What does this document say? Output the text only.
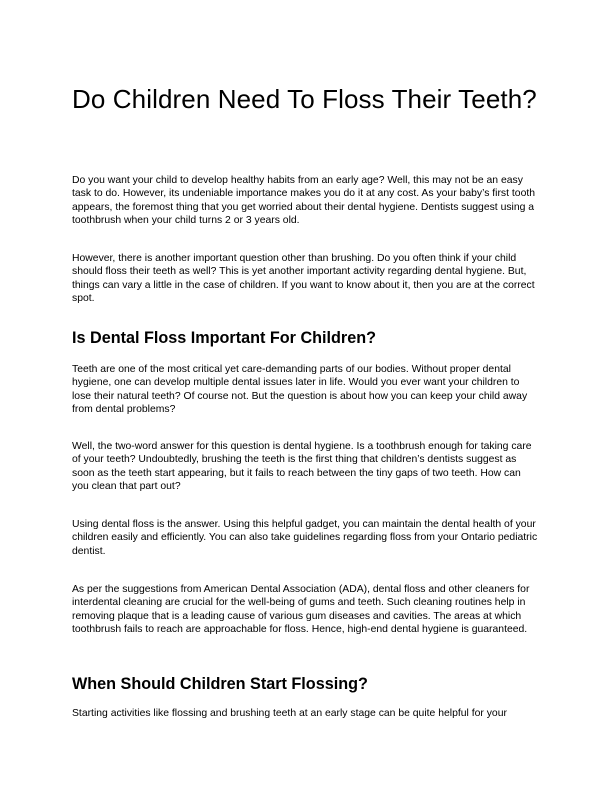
Do Children Need To Floss Their Teeth?

Do you want your child to develop healthy habits from an early age? Well, this may not be an easy task to do. However, its undeniable importance makes you do it at any cost. As your baby’s first tooth appears, the foremost thing that you get worried about their dental hygiene. Dentists suggest using a toothbrush when your child turns 2 or 3 years old.

However, there is another important question other than brushing. Do you often think if your child should floss their teeth as well? This is yet another important activity regarding dental hygiene. But, things can vary a little in the case of children. If you want to know about it, then you are at the correct spot.

Is Dental Floss Important For Children?

Teeth are one of the most critical yet care-demanding parts of our bodies. Without proper dental hygiene, one can develop multiple dental issues later in life. Would you ever want your children to lose their natural teeth? Of course not. But the question is about how you can keep your child away from dental problems?

Well, the two-word answer for this question is dental hygiene. Is a toothbrush enough for taking care of your teeth? Undoubtedly, brushing the teeth is the first thing that children’s dentists suggest as soon as the teeth start appearing, but it fails to reach between the tiny gaps of two teeth. How can you clean that part out?

Using dental floss is the answer. Using this helpful gadget, you can maintain the dental health of your children easily and efficiently. You can also take guidelines regarding floss from your Ontario pediatric dentist.

As per the suggestions from American Dental Association (ADA), dental floss and other cleaners for interdental cleaning are crucial for the well-being of gums and teeth. Such cleaning routines help in removing plaque that is a leading cause of various gum diseases and cavities. The areas at which toothbrush fails to reach are approachable for floss. Hence, high-end dental hygiene is guaranteed.

When Should Children Start Flossing?

Starting activities like flossing and brushing teeth at an early stage can be quite helpful for your
